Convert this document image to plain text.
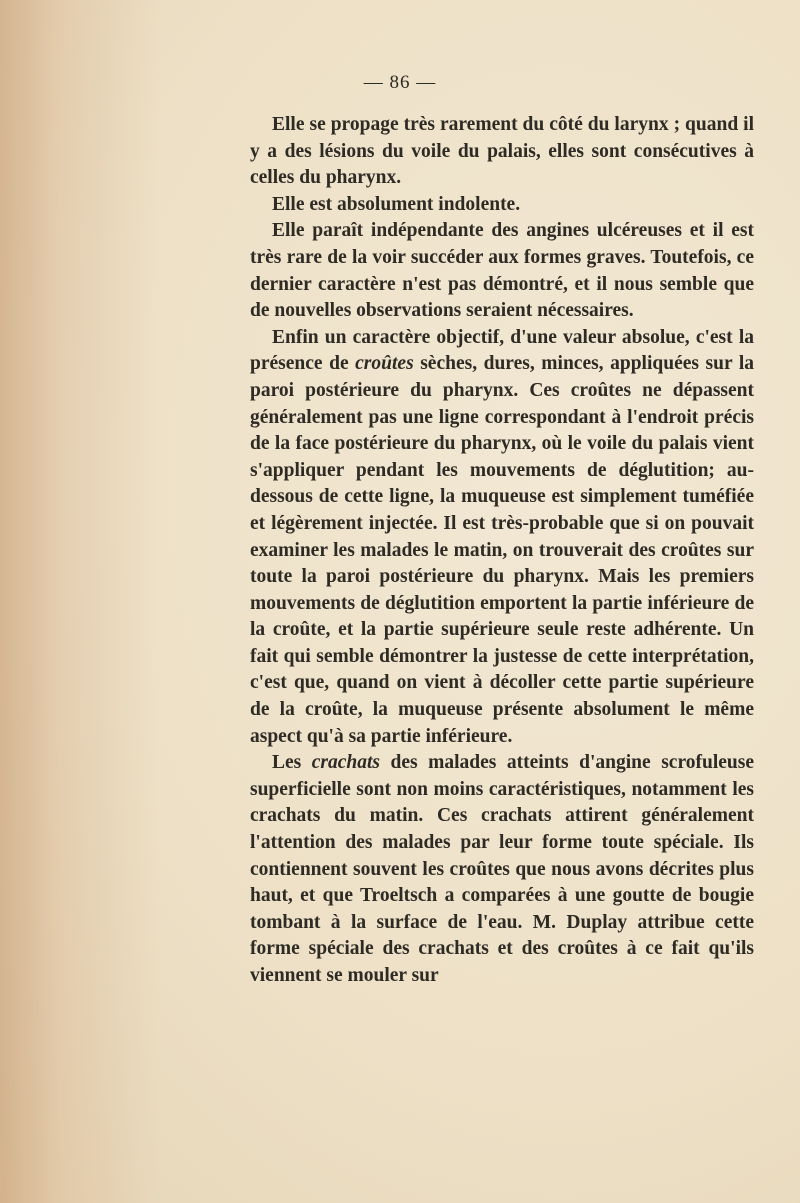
— 86 —

Elle se propage très rarement du côté du larynx ; quand il y a des lésions du voile du palais, elles sont consécutives à celles du pharynx.

Elle est absolument indolente.

Elle paraît indépendante des angines ulcéreuses et il est très rare de la voir succéder aux formes graves. Toutefois, ce dernier caractère n'est pas démontré, et il nous semble que de nouvelles observations seraient nécessaires.

Enfin un caractère objectif, d'une valeur absolue, c'est la présence de croûtes sèches, dures, minces, appliquées sur la paroi postérieure du pharynx. Ces croûtes ne dépassent généralement pas une ligne correspondant à l'endroit précis de la face postérieure du pharynx, où le voile du palais vient s'appliquer pendant les mouvements de déglutition; au-dessous de cette ligne, la muqueuse est simplement tuméfiée et légèrement injectée. Il est très-probable que si on pouvait examiner les malades le matin, on trouverait des croûtes sur toute la paroi postérieure du pharynx. Mais les premiers mouvements de déglutition emportent la partie inférieure de la croûte, et la partie supérieure seule reste adhérente. Un fait qui semble démontrer la justesse de cette interprétation, c'est que, quand on vient à décoller cette partie supérieure de la croûte, la muqueuse présente absolument le même aspect qu'à sa partie inférieure.

Les crachats des malades atteints d'angine scrofuleuse superficielle sont non moins caractéristiques, notamment les crachats du matin. Ces crachats attirent généralement l'attention des malades par leur forme toute spéciale. Ils contiennent souvent les croûtes que nous avons décrites plus haut, et que Troeltsch a comparées à une goutte de bougie tombant à la surface de l'eau. M. Duplay attribue cette forme spéciale des crachats et des croûtes à ce fait qu'ils viennent se mouler sur
